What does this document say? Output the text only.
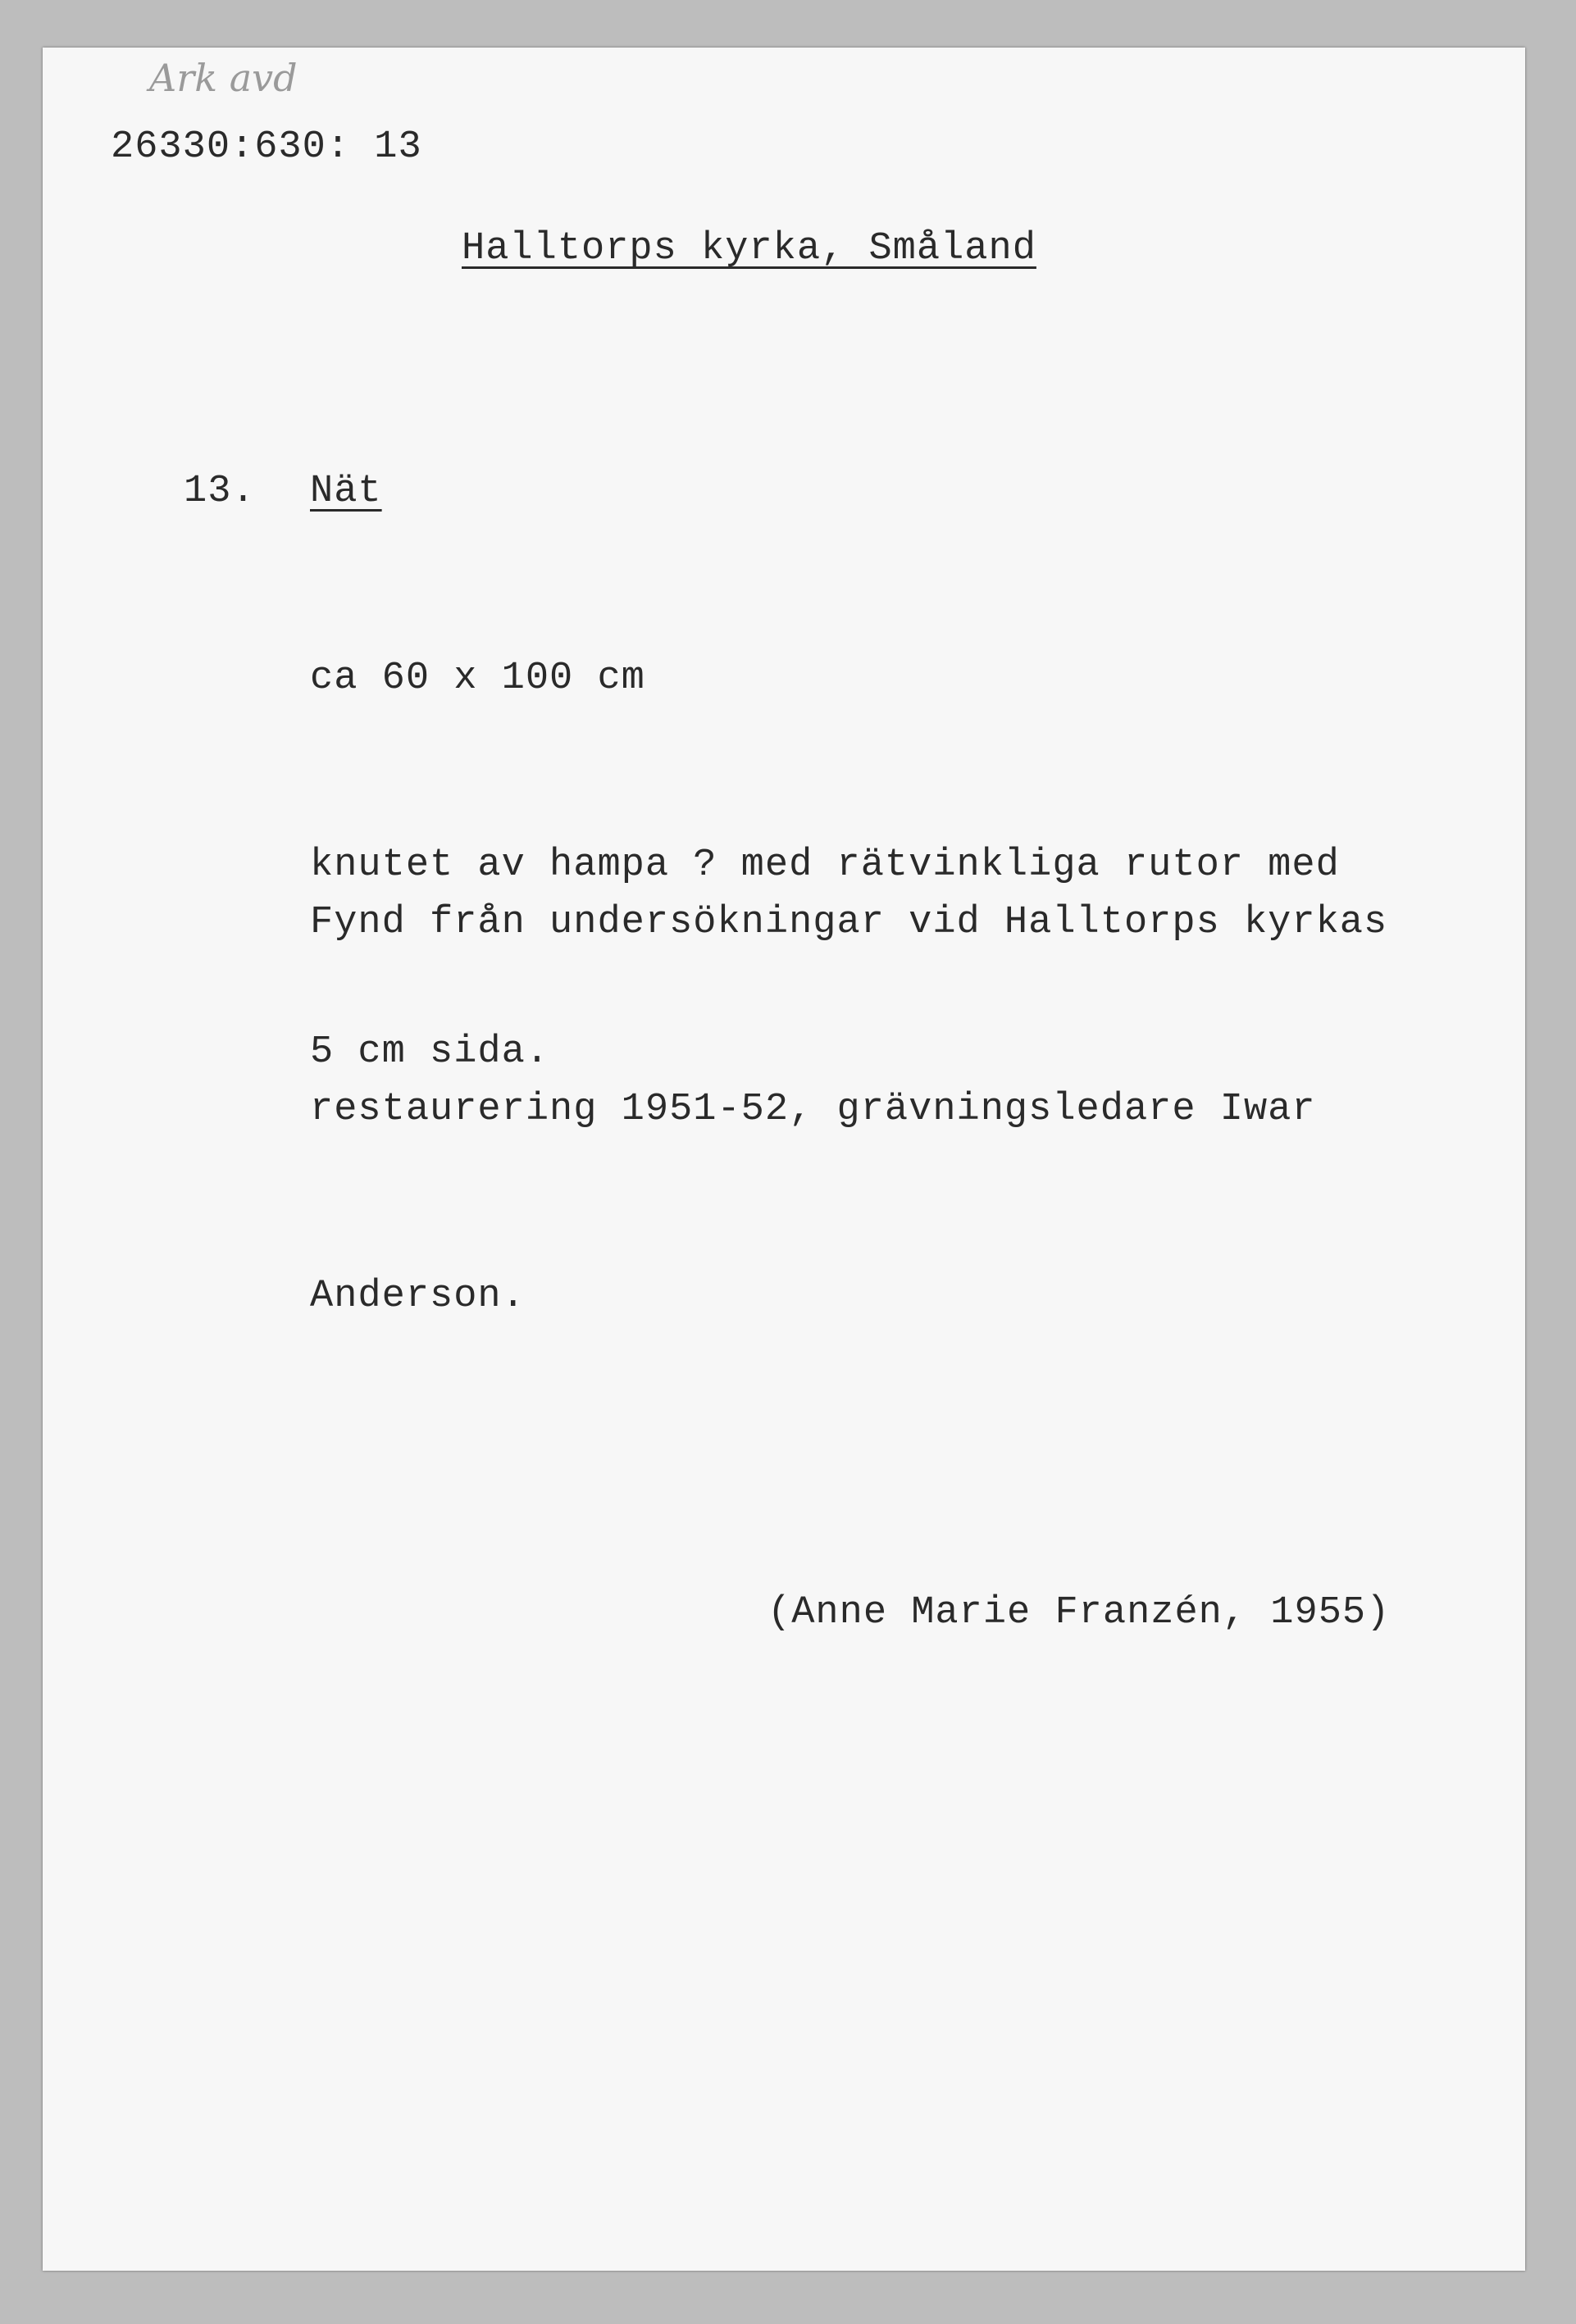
Ark avd
26330:630: 13
Halltorps kyrka, Småland
13. Nät

ca 60 x 100 cm

knutet av hampa ? med rätvinkliga rutor med

5 cm sida.

Fynd från undersökningar vid Halltorps kyrkas

restaurering 1951-52, grävningsledare Iwar

Anderson.

(Anne Marie Franzén, 1955)
